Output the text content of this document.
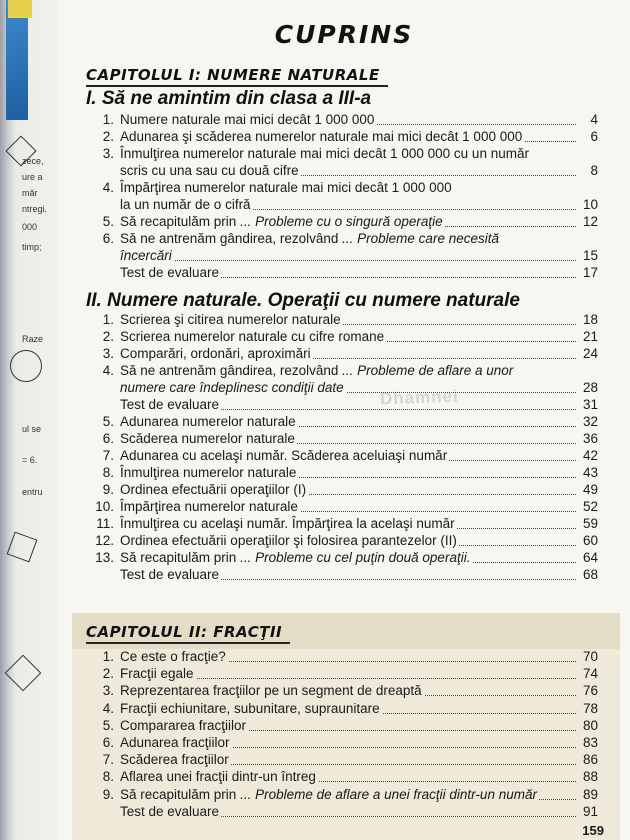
zece,
ure a
mǎr
ntregi.
000
timp;
Raze
ul se
= 6.
entru
CUPRINS
CAPITOLUL I: NUMERE NATURALE
I. Să ne amintim din clasa a III-a
1. Numere naturale mai mici decât 1 000 000	4
2. Adunarea şi scăderea numerelor naturale mai mici decât 1 000 000	6
3. Înmulţirea numerelor naturale mai mici decât 1 000 000 cu un număr
scris cu una sau cu două cifre	8
4. Împărţirea numerelor naturale mai mici decât 1 000 000
la un număr de o cifră	10
5. Să recapitulăm prin ... Probleme cu o singură operaţie	12
6. Să ne antrenăm gândirea, rezolvând ... Probleme care necesită
încercări	15
Test de evaluare	17
II. Numere naturale. Operaţii cu numere naturale
1. Scrierea şi citirea numerelor naturale	18
2. Scrierea numerelor naturale cu cifre romane	21
3. Comparări, ordonări, aproximări	24
4. Să ne antrenăm gândirea, rezolvând ... Probleme de aflare a unor
numere care îndeplinesc condiţii date	28
Test de evaluare	31
5. Adunarea numerelor naturale	32
6. Scăderea numerelor naturale	36
7. Adunarea cu acelaşi număr. Scăderea aceluiaşi număr	42
8. Înmulţirea numerelor naturale	43
9. Ordinea efectuării operaţiilor (I)	49
10. Împărţirea numerelor naturale	52
11. Înmulţirea cu acelaşi număr. Împărţirea la acelaşi număr	59
12. Ordinea efectuării operaţiilor şi folosirea parantezelor (II)	60
13. Să recapitulăm prin ... Probleme cu cel puţin două operaţii.	64
Test de evaluare	68
CAPITOLUL II: FRACŢII
1. Ce este o fracţie?	70
2. Fracţii egale	74
3. Reprezentarea fracţiilor pe un segment de dreaptă	76
4. Fracţii echiunitare, subunitare, supraunitare	78
5. Compararea fracţiilor	80
6. Adunarea fracţiilor	83
7. Scăderea fracţiilor	86
8. Aflarea unei fracţii dintr-un întreg	88
9. Să recapitulăm prin ... Probleme de aflare a unei fracţii dintr-un număr	89
Test de evaluare	91
Dhamnei
159
